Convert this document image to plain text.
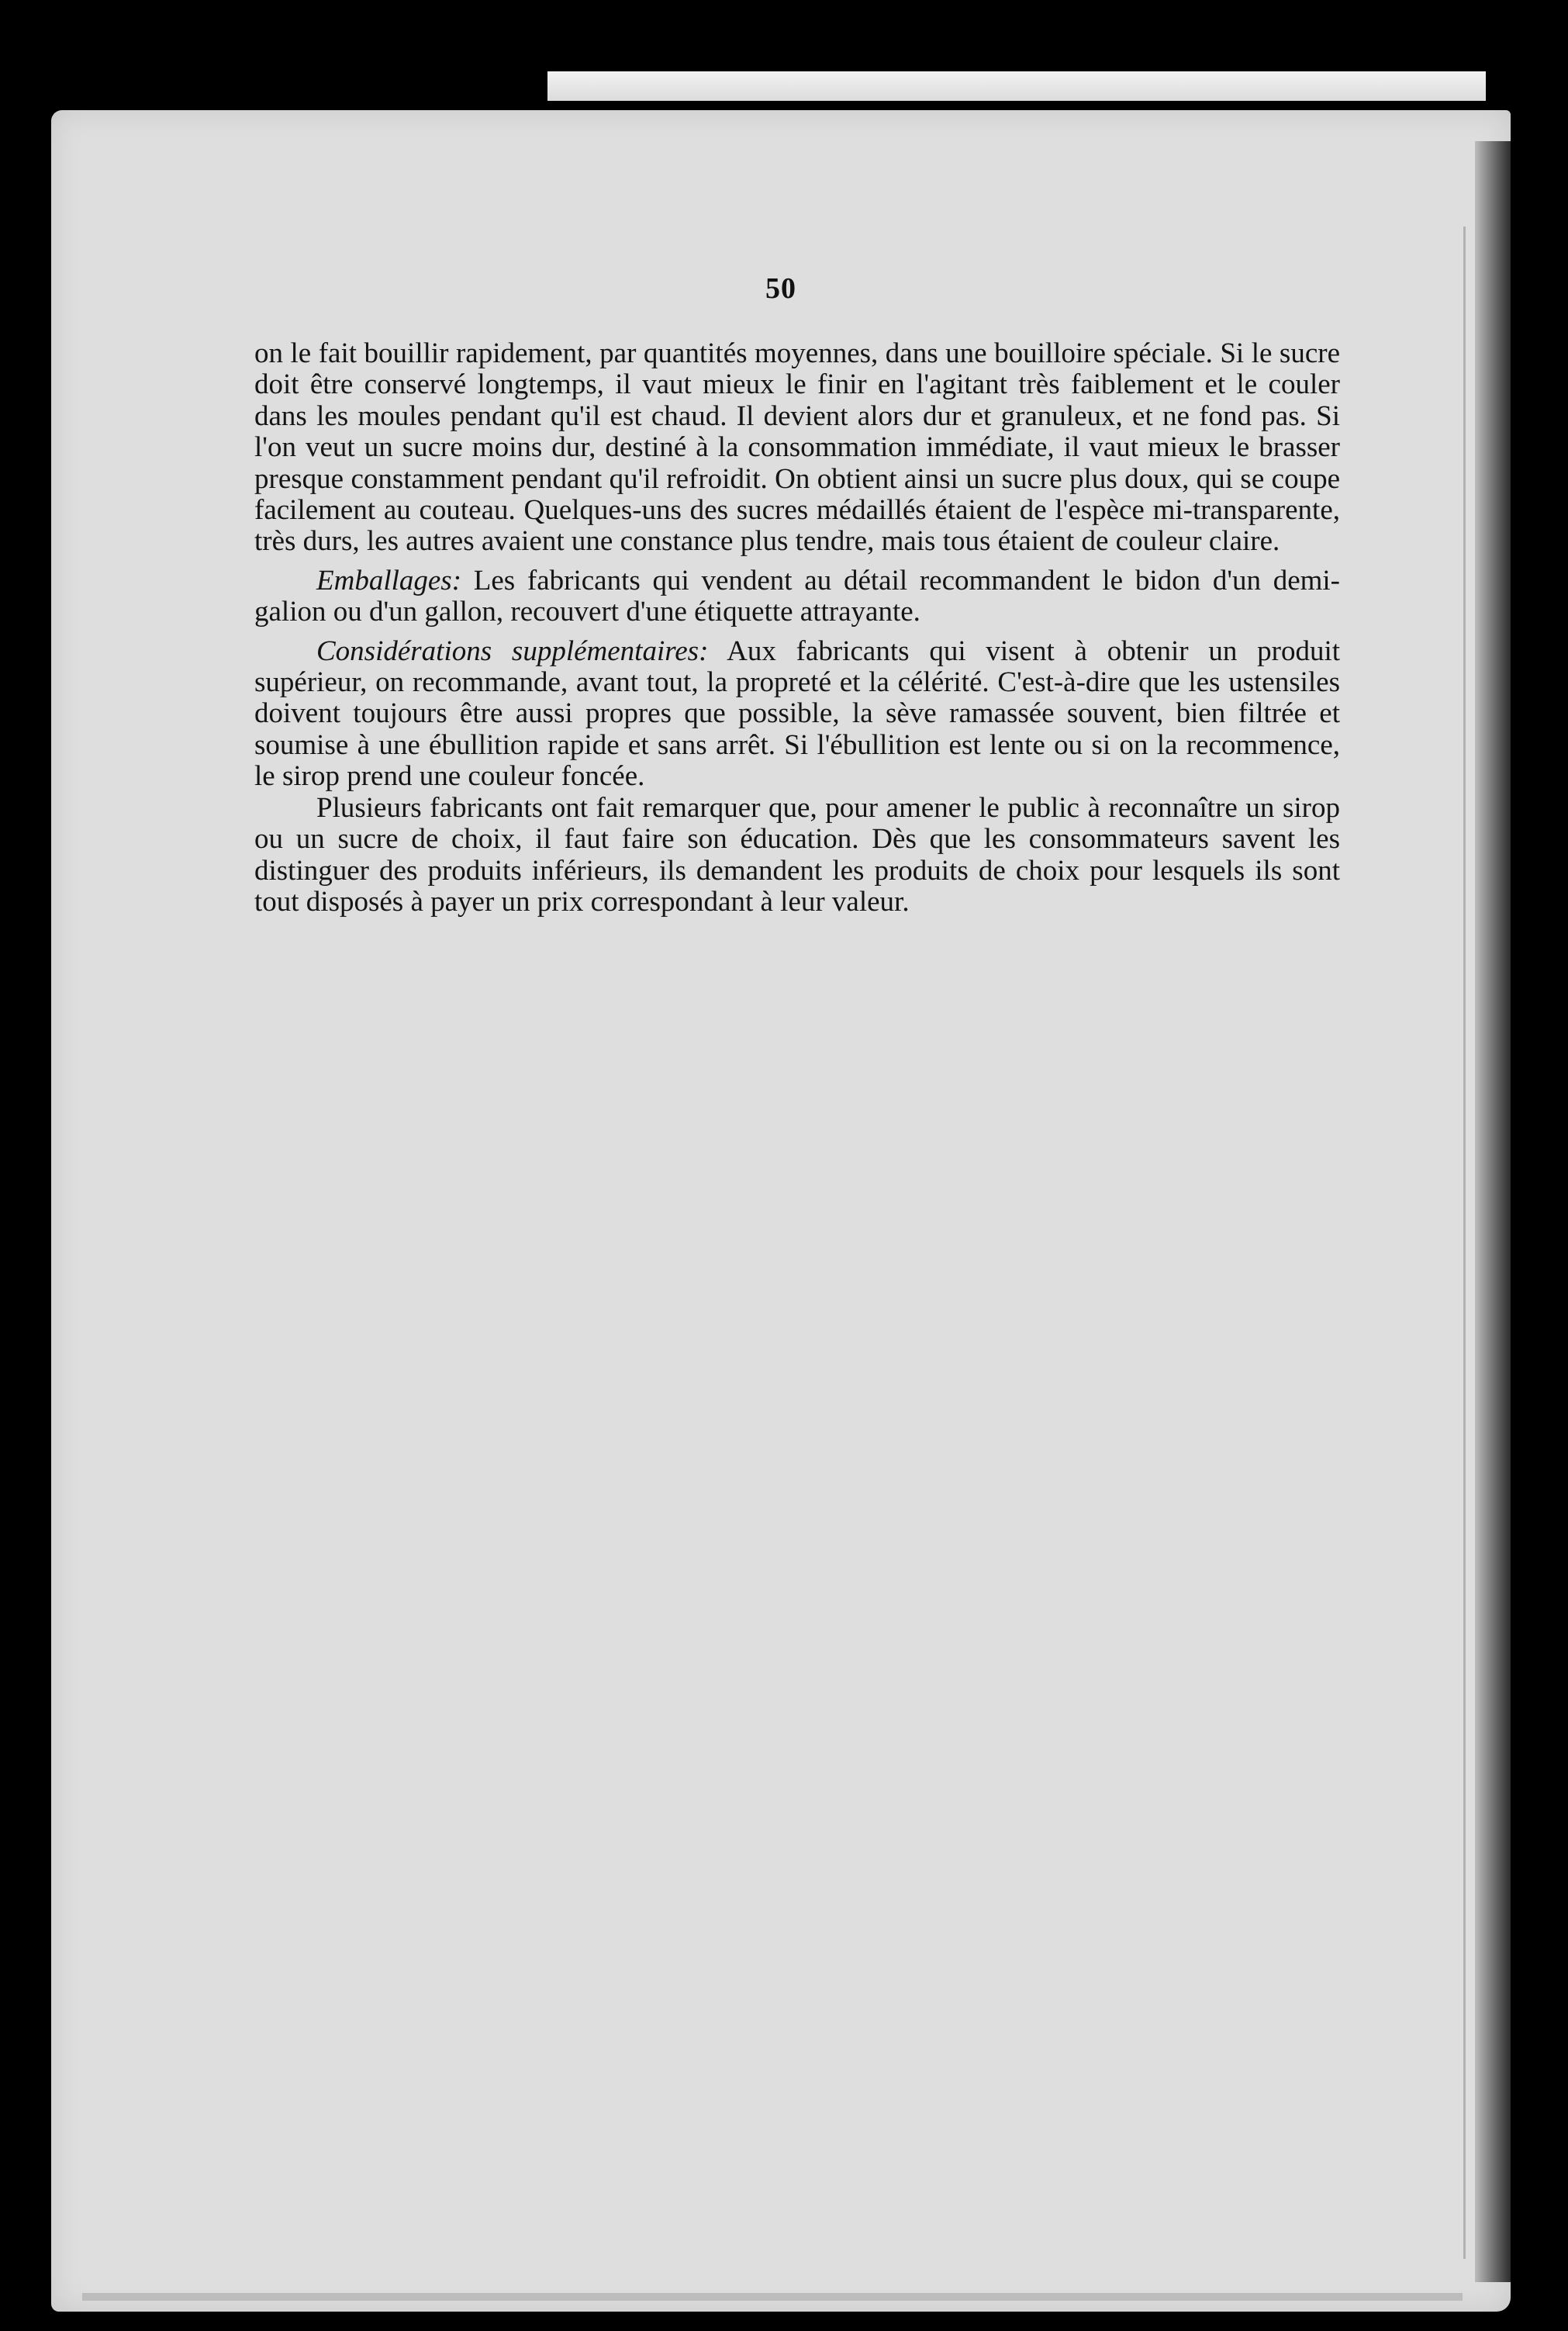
50

on le fait bouillir rapidement, par quantités moyennes, dans une bouilloire spéciale. Si le sucre doit être conservé longtemps, il vaut mieux le finir en l'agitant très faiblement et le couler dans les moules pendant qu'il est chaud. Il devient alors dur et granuleux, et ne fond pas. Si l'on veut un sucre moins dur, destiné à la consommation immédiate, il vaut mieux le brasser presque constamment pendant qu'il refroidit. On obtient ainsi un sucre plus doux, qui se coupe facilement au couteau. Quelques-uns des sucres médaillés étaient de l'espèce mi-transparente, très durs, les autres avaient une constance plus tendre, mais tous étaient de couleur claire.

Emballages: Les fabricants qui vendent au détail recommandent le bidon d'un demi-galion ou d'un gallon, recouvert d'une étiquette attrayante.

Considérations supplémentaires: Aux fabricants qui visent à obtenir un produit supérieur, on recommande, avant tout, la propreté et la célérité. C'est-à-dire que les ustensiles doivent toujours être aussi propres que possible, la sève ramassée souvent, bien filtrée et soumise à une ébullition rapide et sans arrêt. Si l'ébullition est lente ou si on la recommence, le sirop prend une couleur foncée.

Plusieurs fabricants ont fait remarquer que, pour amener le public à reconnaître un sirop ou un sucre de choix, il faut faire son éducation. Dès que les consommateurs savent les distinguer des produits inférieurs, ils demandent les produits de choix pour lesquels ils sont tout disposés à payer un prix correspondant à leur valeur.
